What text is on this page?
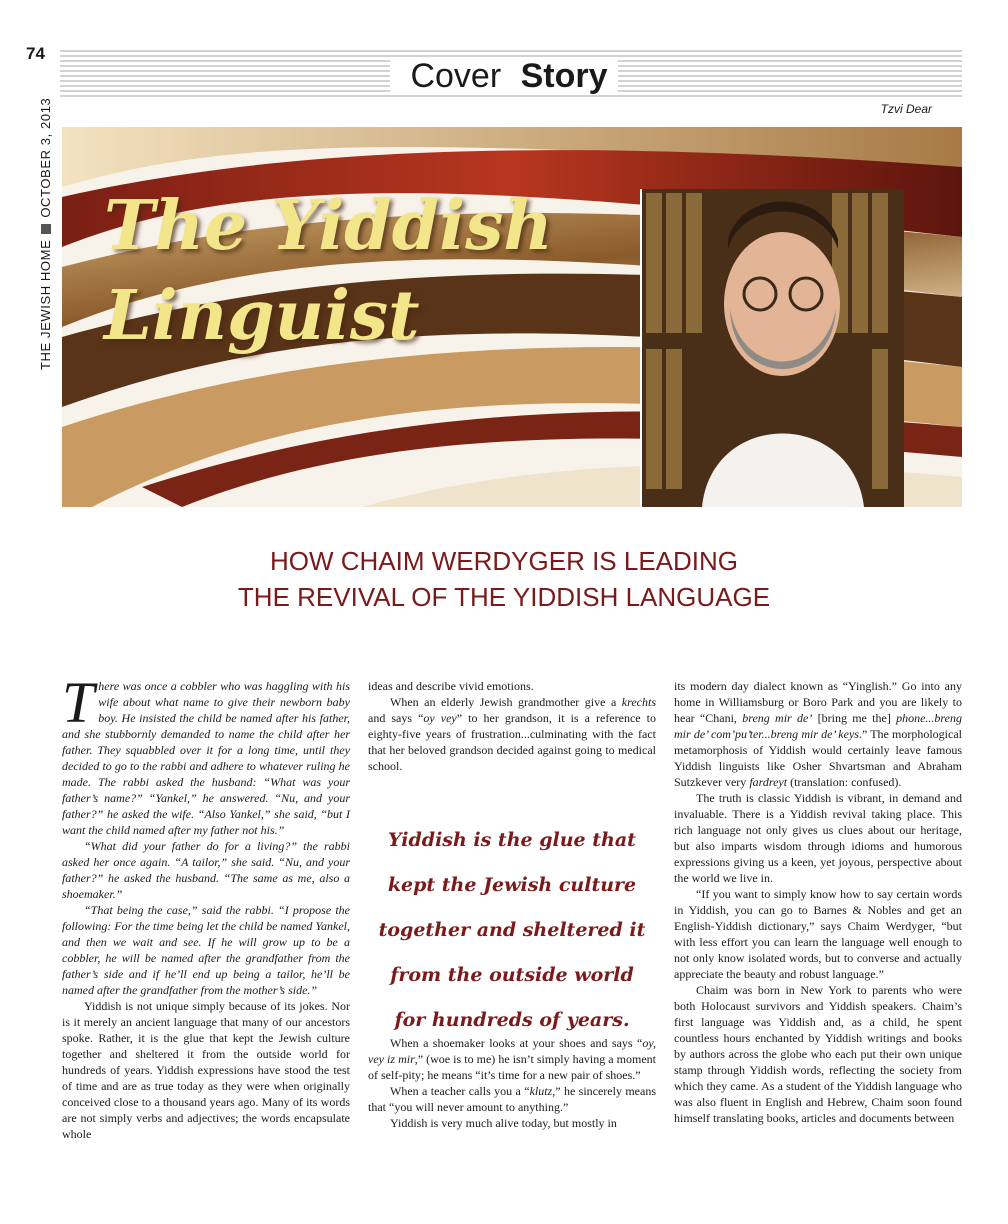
74
Cover Story
Tzvi Dear
THE JEWISH HOMEOCTOBER 3, 2013
The Yiddish
Linguist
HOW CHAIM WERDYGER IS LEADING
THE REVIVAL OF THE YIDDISH LANGUAGE

There was once a cobbler who was haggling with his wife about what name to give their newborn baby boy. He insisted the child be named after his father, and she stubbornly demanded to name the child after her father. They squabbled over it for a long time, until they decided to go to the rabbi and adhere to whatever ruling he made. The rabbi asked the husband: “What was your father’s name?” “Yankel,” he answered. “Nu, and your father?” he asked the wife. “Also Yankel,” she said, “but I want the child named after my father not his.”

“What did your father do for a living?” the rabbi asked her once again. “A tailor,” she said. “Nu, and your father?” he asked the husband. “The same as me, also a shoemaker.”

“That being the case,” said the rabbi. “I propose the following: For the time being let the child be named Yankel, and then we wait and see. If he will grow up to be a cobbler, he will be named after the grandfather from the father’s side and if he’ll end up being a tailor, he’ll be named after the grandfather from the mother’s side.”

Yiddish is not unique simply because of its jokes. Nor is it merely an ancient language that many of our ancestors spoke. Rather, it is the glue that kept the Jewish culture together and sheltered it from the outside world for hundreds of years. Yiddish expressions have stood the test of time and are as true today as they were when originally conceived close to a thousand years ago. Many of its words are not simply verbs and adjectives; the words encapsulate whole

ideas and describe vivid emotions.

When an elderly Jewish grandmother give a krechts and says “oy vey” to her grandson, it is a reference to eighty-five years of frustration...culminating with the fact that her beloved grandson decided against going to medical school.

Yiddish is the glue that
kept the Jewish culture
together and sheltered it
from the outside world
for hundreds of years.

When a shoemaker looks at your shoes and says “oy, vey iz mir,” (woe is to me) he isn’t simply having a moment of self-pity; he means “it’s time for a new pair of shoes.”

When a teacher calls you a “klutz,” he sincerely means that “you will never amount to anything.”

Yiddish is very much alive today, but mostly in

its modern day dialect known as “Yinglish.” Go into any home in Williamsburg or Boro Park and you are likely to hear “Chani, breng mir de’ [bring me the] phone...breng mir de’ com’pu’ter...breng mir de’ keys.” The morphological metamorphosis of Yiddish would certainly leave famous Yiddish linguists like Osher Shvartsman and Abraham Sutzkever very fardreyt (translation: confused).

The truth is classic Yiddish is vibrant, in demand and invaluable. There is a Yiddish revival taking place. This rich language not only gives us clues about our heritage, but also imparts wisdom through idioms and humorous expressions giving us a keen, yet joyous, perspective about the world we live in.

“If you want to simply know how to say certain words in Yiddish, you can go to Barnes & Nobles and get an English-Yiddish dictionary,” says Chaim Werdyger, “but with less effort you can learn the language well enough to not only know isolated words, but to converse and actually appreciate the beauty and robust language.”

Chaim was born in New York to parents who were both Holocaust survivors and Yiddish speakers. Chaim’s first language was Yiddish and, as a child, he spent countless hours enchanted by Yiddish writings and books by authors across the globe who each put their own unique stamp through Yiddish words, reflecting the society from which they came. As a student of the Yiddish language who was also fluent in English and Hebrew, Chaim soon found himself translating books, articles and documents between
